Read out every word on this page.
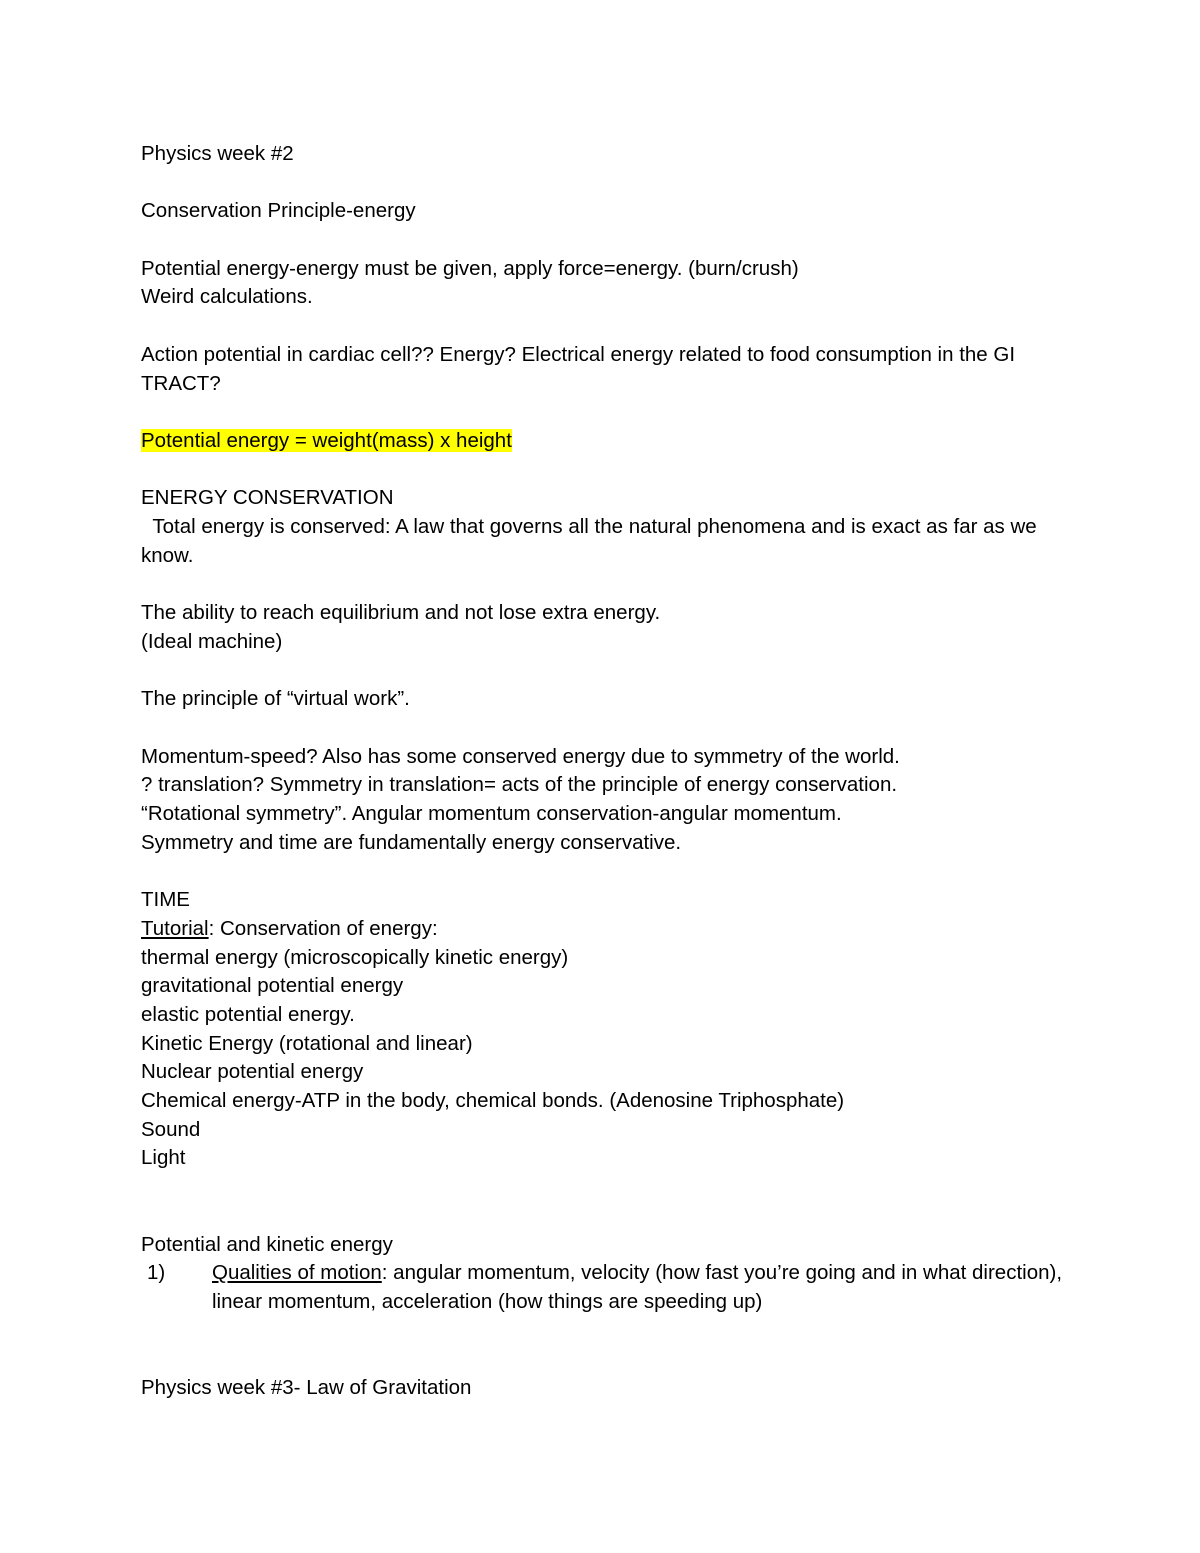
Physics week #2
Conservation Principle-energy
Potential energy-energy must be given, apply force=energy. (burn/crush)
Weird calculations.
Action potential in cardiac cell?? Energy? Electrical energy related to food consumption in the GI TRACT?
Potential energy = weight(mass) x height
ENERGY CONSERVATION
Total energy is conserved: A law that governs all the natural phenomena and is exact as far as we know.
The ability to reach equilibrium and not lose extra energy.
(Ideal machine)
The principle of “virtual work”.
Momentum-speed? Also has some conserved energy due to symmetry of the world.
? translation? Symmetry in translation= acts of the principle of energy conservation.
“Rotational symmetry”. Angular momentum conservation-angular momentum.
Symmetry and time are fundamentally energy conservative.
TIME
Tutorial: Conservation of energy:
thermal energy (microscopically kinetic energy)
gravitational potential energy
elastic potential energy.
Kinetic Energy (rotational and linear)
Nuclear potential energy
Chemical energy-ATP in the body, chemical bonds. (Adenosine Triphosphate)
Sound
Light
Potential and kinetic energy
1) Qualities of motion: angular momentum, velocity (how fast you’re going and in what direction), linear momentum, acceleration (how things are speeding up)
Physics week #3- Law of Gravitation
